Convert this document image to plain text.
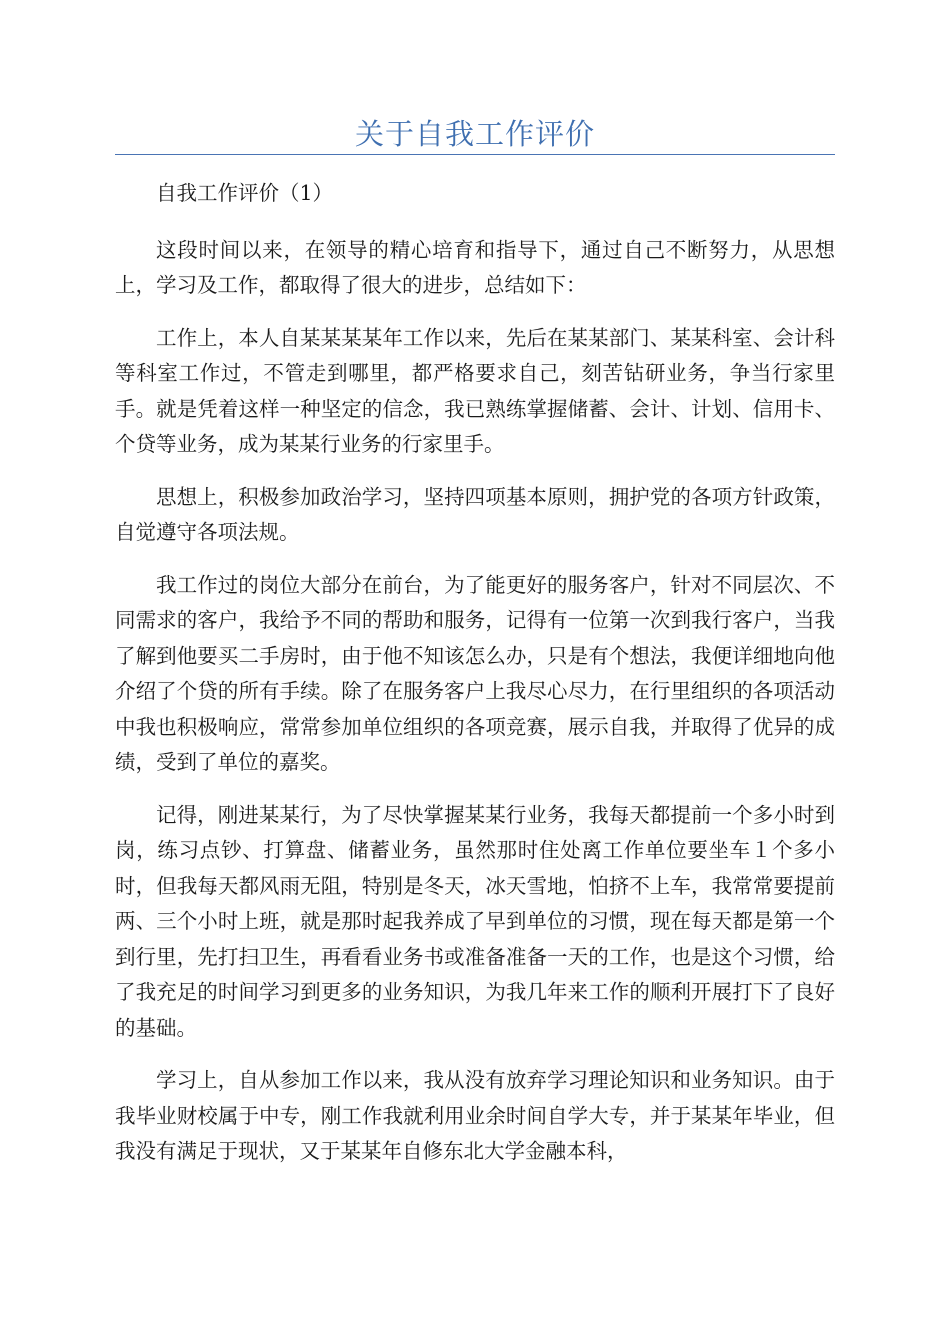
关于自我工作评价

自我工作评价（1）

这段时间以来，在领导的精心培育和指导下，通过自己不断努力，从思想上，学习及工作，都取得了很大的进步，总结如下：

工作上，本人自某某某某年工作以来，先后在某某部门、某某科室、会计科等科室工作过，不管走到哪里，都严格要求自己，刻苦钻研业务，争当行家里手。就是凭着这样一种坚定的信念，我已熟练掌握储蓄、会计、计划、信用卡、个贷等业务，成为某某行业务的行家里手。

思想上，积极参加政治学习，坚持四项基本原则，拥护党的各项方针政策，自觉遵守各项法规。

我工作过的岗位大部分在前台，为了能更好的服务客户，针对不同层次、不同需求的客户，我给予不同的帮助和服务，记得有一位第一次到我行客户，当我了解到他要买二手房时，由于他不知该怎么办，只是有个想法，我便详细地向他介绍了个贷的所有手续。除了在服务客户上我尽心尽力，在行里组织的各项活动中我也积极响应，常常参加单位组织的各项竞赛，展示自我，并取得了优异的成绩，受到了单位的嘉奖。

记得，刚进某某行，为了尽快掌握某某行业务，我每天都提前一个多小时到岗，练习点钞、打算盘、储蓄业务，虽然那时住处离工作单位要坐车１个多小时，但我每天都风雨无阻，特别是冬天，冰天雪地，怕挤不上车，我常常要提前两、三个小时上班，就是那时起我养成了早到单位的习惯，现在每天都是第一个到行里，先打扫卫生，再看看业务书或准备准备一天的工作，也是这个习惯，给了我充足的时间学习到更多的业务知识，为我几年来工作的顺利开展打下了良好的基础。

学习上，自从参加工作以来，我从没有放弃学习理论知识和业务知识。由于我毕业财校属于中专，刚工作我就利用业余时间自学大专，并于某某年毕业，但我没有满足于现状，又于某某年自修东北大学金融本科，
